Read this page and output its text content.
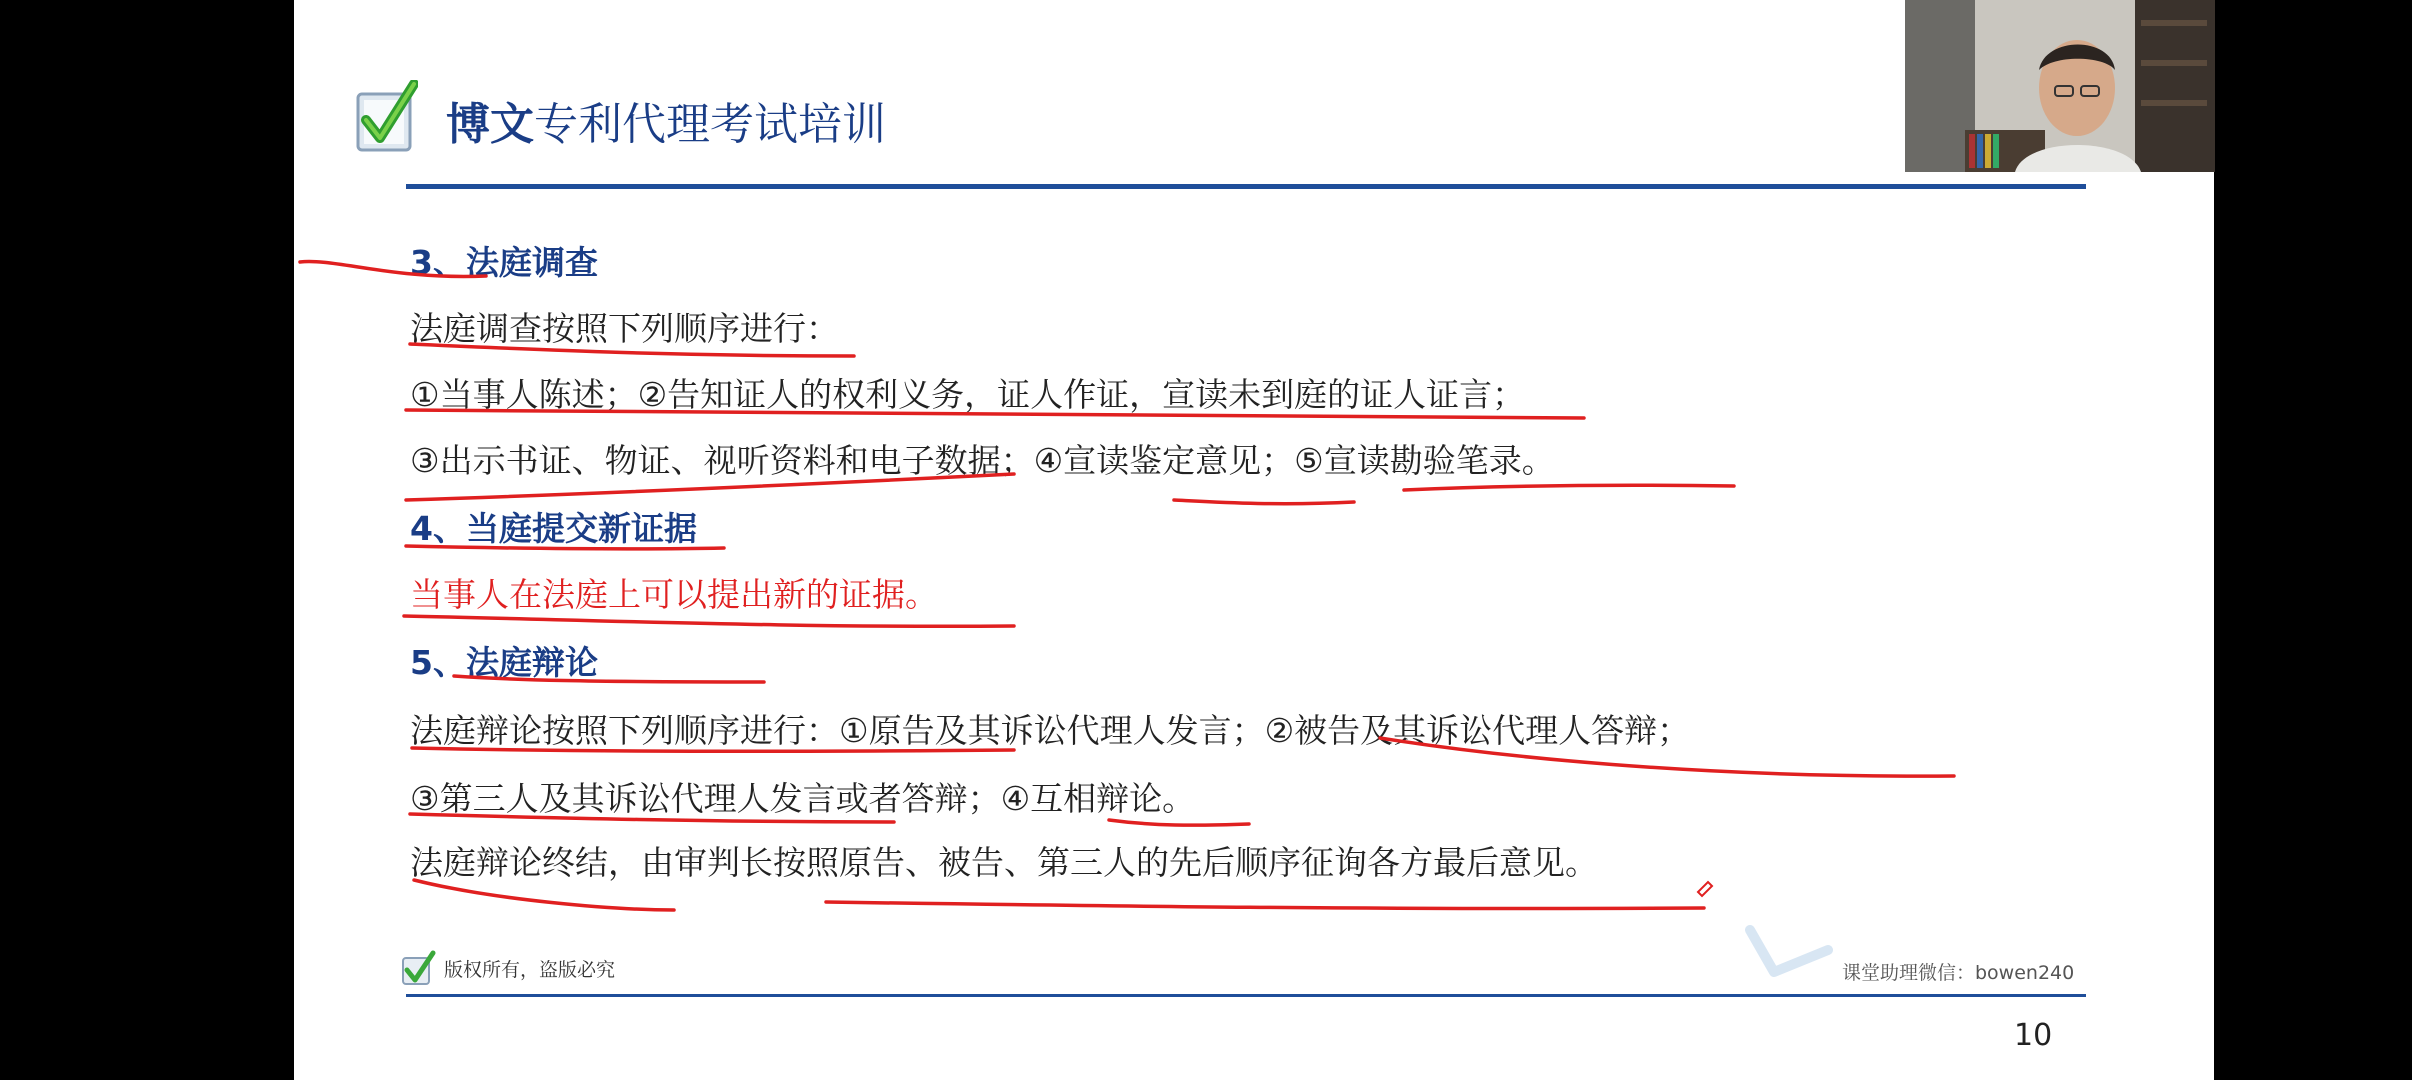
博文专利代理考试培训
3、法庭调查
法庭调查按照下列顺序进行：
①当事人陈述；②告知证人的权利义务，证人作证，宣读未到庭的证人证言；
③出示书证、物证、视听资料和电子数据；④宣读鉴定意见；⑤宣读勘验笔录。
4、当庭提交新证据
当事人在法庭上可以提出新的证据。
5、法庭辩论
法庭辩论按照下列顺序进行：①原告及其诉讼代理人发言；②被告及其诉讼代理人答辩；
③第三人及其诉讼代理人发言或者答辩；④互相辩论。
法庭辩论终结，由审判长按照原告、被告、第三人的先后顺序征询各方最后意见。
版权所有，盗版必究	课堂助理微信：bowen240
10
